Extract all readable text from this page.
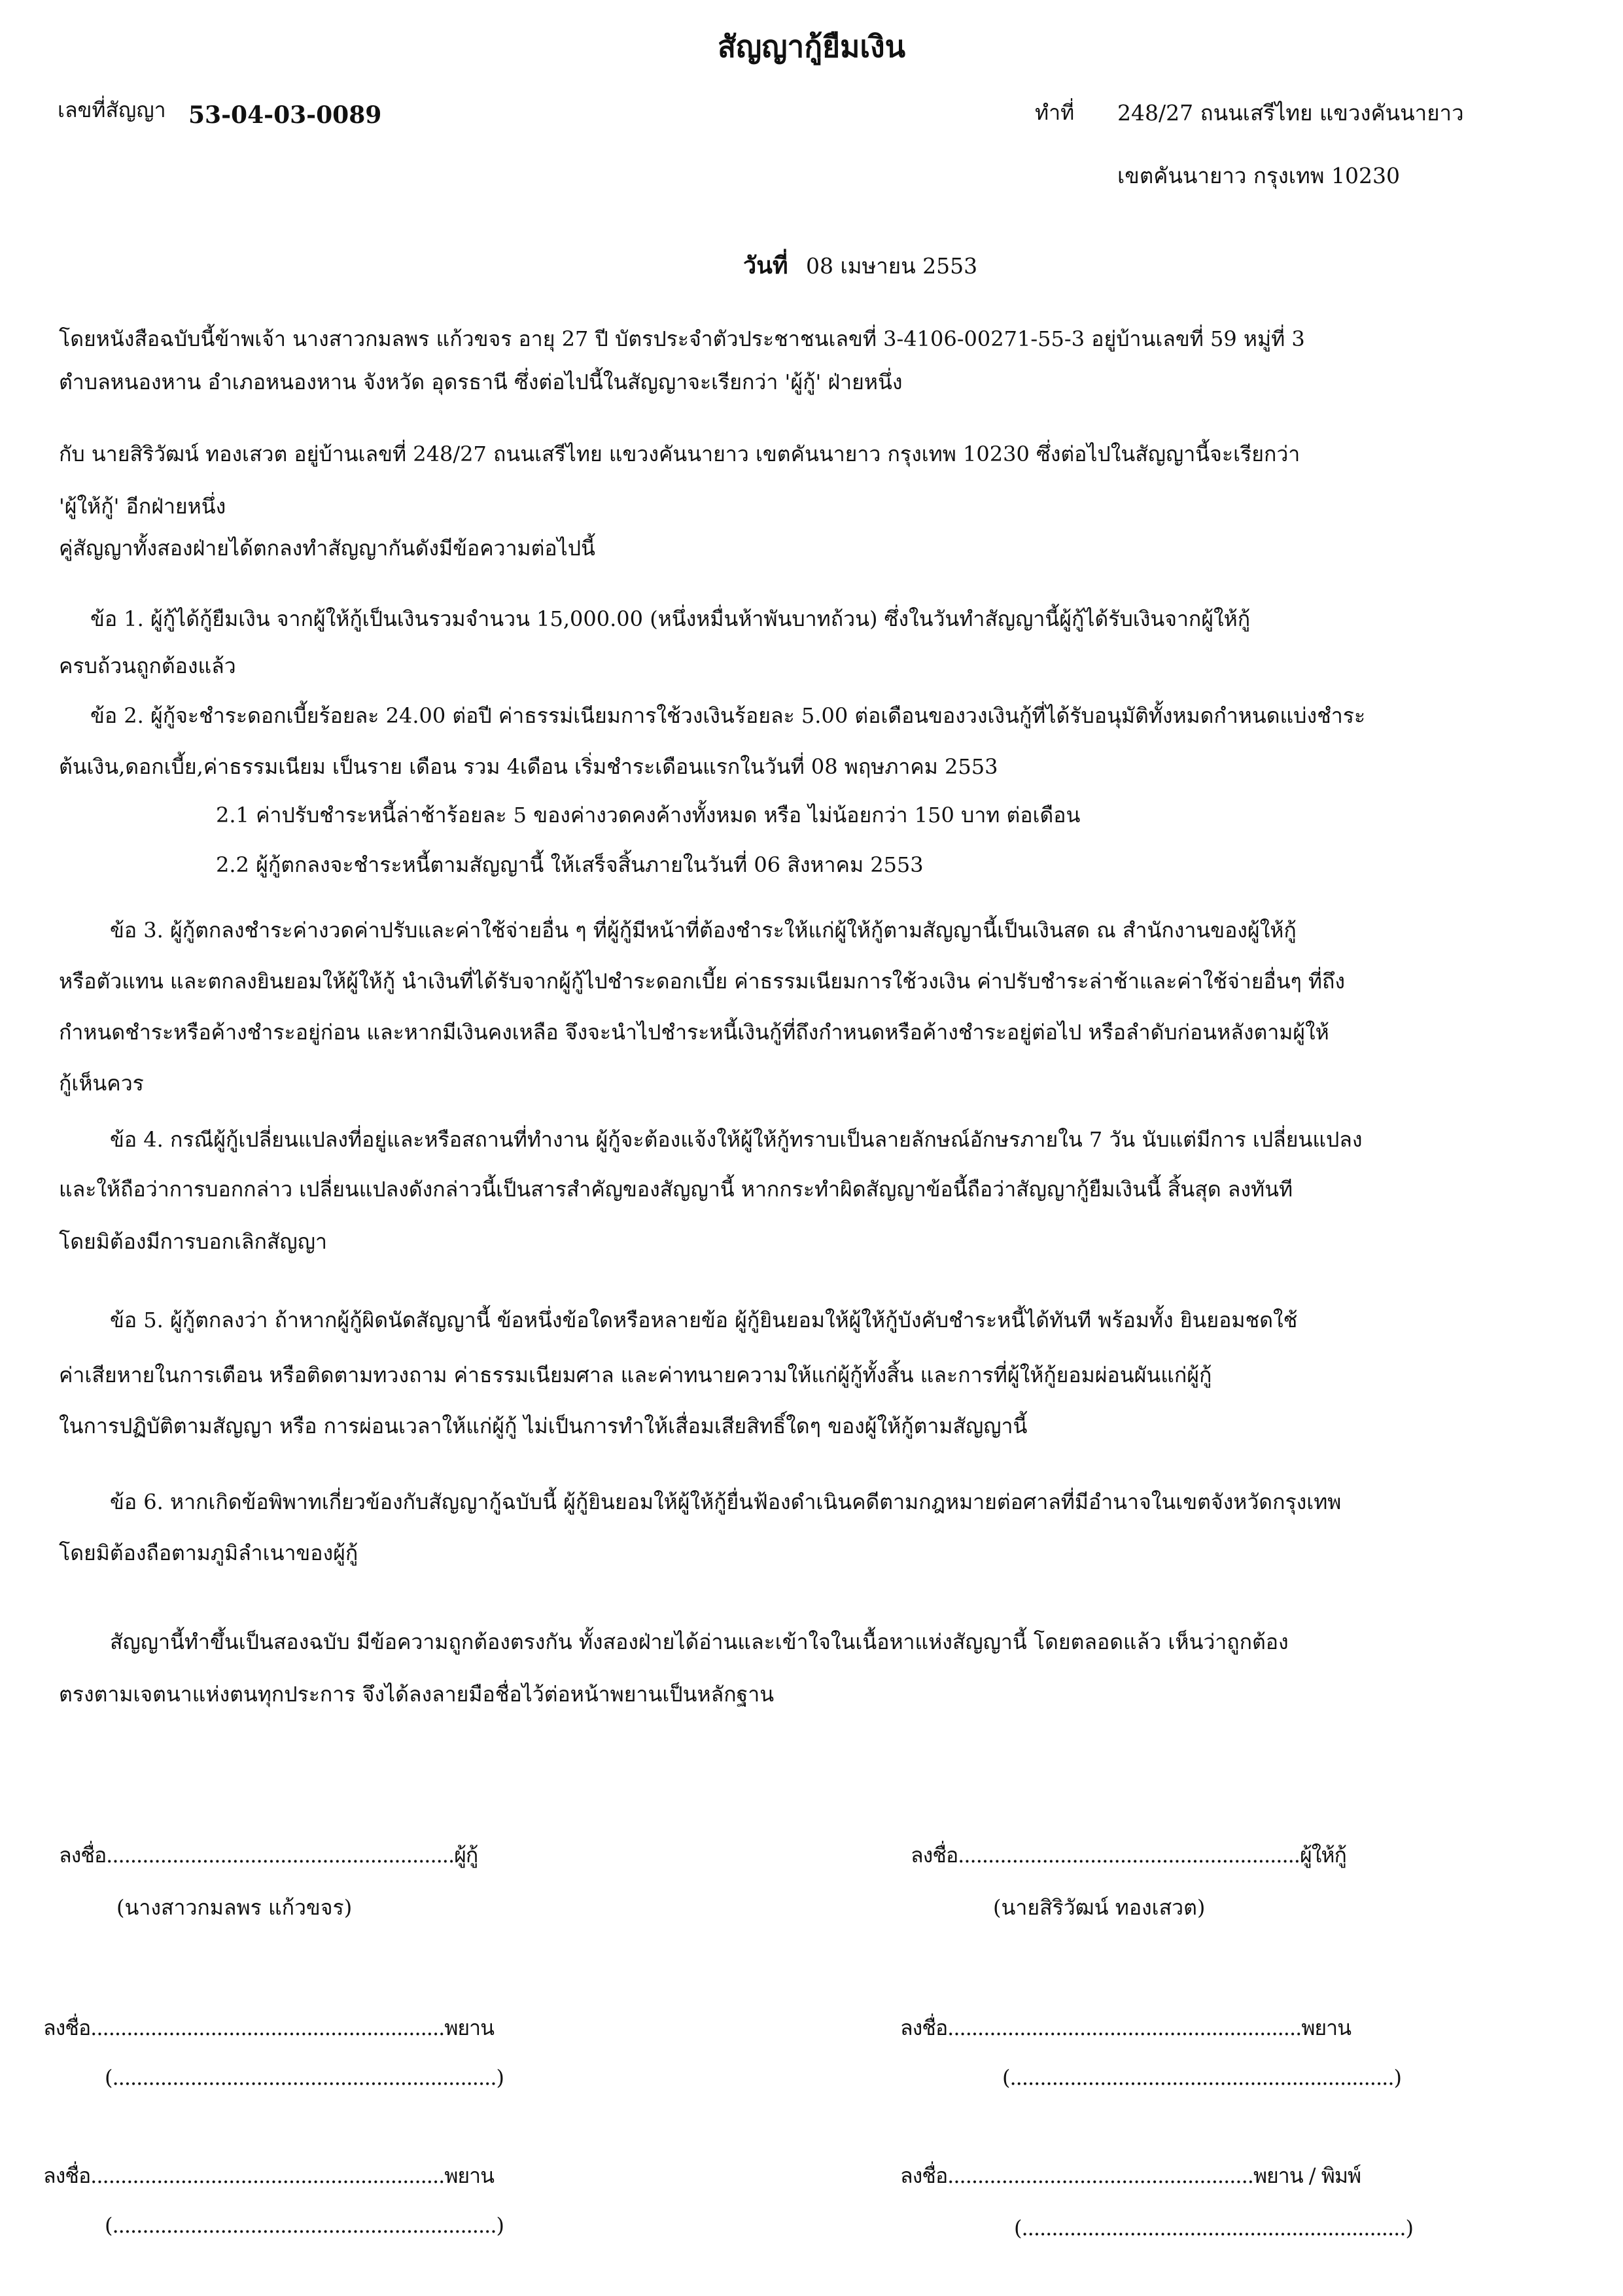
สัญญากู้ยืมเงิน
เลขที่สัญญา 53-04-03-0089	ทำที่ 248/27 ถนนเสรีไทย แขวงคันนายาว
เขตคันนายาว กรุงเทพ 10230
วันที่ 08 เมษายน 2553
โดยหนังสือฉบับนี้ข้าพเจ้า นางสาวกมลพร แก้วขจร อายุ 27 ปี บัตรประจำตัวประชาชนเลขที่ 3-4106-00271-55-3 อยู่บ้านเลขที่ 59 หมู่ที่ 3
ตำบลหนองหาน อำเภอหนองหาน จังหวัด อุดรธานี ซึ่งต่อไปนี้ในสัญญาจะเรียกว่า 'ผู้กู้' ฝ่ายหนึ่ง
กับ นายสิริวัฒน์ ทองเสวต อยู่บ้านเลขที่ 248/27 ถนนเสรีไทย แขวงคันนายาว เขตคันนายาว กรุงเทพ 10230 ซึ่งต่อไปในสัญญานี้จะเรียกว่า
'ผู้ให้กู้' อีกฝ่ายหนึ่ง
คู่สัญญาทั้งสองฝ่ายได้ตกลงทำสัญญากันดังมีข้อความต่อไปนี้
ข้อ 1. ผู้กู้ได้กู้ยืมเงิน จากผู้ให้กู้เป็นเงินรวมจำนวน 15,000.00 (หนึ่งหมื่นห้าพันบาทถ้วน) ซึ่งในวันทำสัญญานี้ผู้กู้ได้รับเงินจากผู้ให้กู้
ครบถ้วนถูกต้องแล้ว
ข้อ 2. ผู้กู้จะชำระดอกเบี้ยร้อยละ 24.00 ต่อปี ค่าธรรม่เนียมการใช้วงเงินร้อยละ 5.00 ต่อเดือนของวงเงินกู้ที่ได้รับอนุมัติทั้งหมดกำหนดแบ่งชำระ
ต้นเงิน,ดอกเบี้ย,ค่าธรรมเนียม เป็นราย เดือน รวม 4เดือน เริ่มชำระเดือนแรกในวันที่ 08 พฤษภาคม 2553
2.1 ค่าปรับชำระหนี้ล่าช้าร้อยละ 5 ของค่างวดคงค้างทั้งหมด หรือ ไม่น้อยกว่า 150 บาท ต่อเดือน
2.2 ผู้กู้ตกลงจะชำระหนี้ตามสัญญานี้ ให้เสร็จสิ้นภายในวันที่ 06 สิงหาคม 2553
ข้อ 3. ผู้กู้ตกลงชำระค่างวดค่าปรับและค่าใช้จ่ายอื่น ๆ ที่ผู้กู้มีหน้าที่ต้องชำระให้แก่ผู้ให้กู้ตามสัญญานี้เป็นเงินสด ณ สำนักงานของผู้ให้กู้
หรือตัวแทน และตกลงยินยอมให้ผู้ให้กู้ นำเงินที่ได้รับจากผู้กู้ไปชำระดอกเบี้ย ค่าธรรมเนียมการใช้วงเงิน ค่าปรับชำระล่าช้าและค่าใช้จ่ายอื่นๆ ที่ถึง
กำหนดชำระหรือค้างชำระอยู่ก่อน และหากมีเงินคงเหลือ จึงจะนำไปชำระหนี้เงินกู้ที่ถึงกำหนดหรือค้างชำระอยู่ต่อไป หรือลำดับก่อนหลังตามผู้ให้
กู้เห็นควร
ข้อ 4. กรณีผู้กู้เปลี่ยนแปลงที่อยู่และหรือสถานที่ทำงาน ผู้กู้จะต้องแจ้งให้ผู้ให้กู้ทราบเป็นลายลักษณ์อักษรภายใน 7 วัน นับแต่มีการ เปลี่ยนแปลง
และให้ถือว่าการบอกกล่าว เปลี่ยนแปลงดังกล่าวนี้เป็นสารสำคัญของสัญญานี้ หากกระทำผิดสัญญาข้อนี้ถือว่าสัญญากู้ยืมเงินนี้ สิ้นสุด ลงทันที
โดยมิต้องมีการบอกเลิกสัญญา
ข้อ 5. ผู้กู้ตกลงว่า ถ้าหากผู้กู้ผิดนัดสัญญานี้ ข้อหนึ่งข้อใดหรือหลายข้อ ผู้กู้ยินยอมให้ผู้ให้กู้บังคับชำระหนี้ได้ทันที พร้อมทั้ง ยินยอมชดใช้
ค่าเสียหายในการเตือน หรือติดตามทวงถาม ค่าธรรมเนียมศาล และค่าทนายความให้แก่ผู้กู้ทั้งสิ้น และการที่ผู้ให้กู้ยอมผ่อนผันแก่ผู้กู้
ในการปฏิบัติตามสัญญา หรือ การผ่อนเวลาให้แก่ผู้กู้ ไม่เป็นการทำให้เสื่อมเสียสิทธิ์ใดๆ ของผู้ให้กู้ตามสัญญานี้
ข้อ 6. หากเกิดข้อพิพาทเกี่ยวข้องกับสัญญากู้ฉบับนี้ ผู้กู้ยินยอมให้ผู้ให้กู้ยื่นฟ้องดำเนินคดีตามกฎหมายต่อศาลที่มีอำนาจในเขตจังหวัดกรุงเทพ
โดยมิต้องถือตามภูมิลำเนาของผู้กู้
สัญญานี้ทำขึ้นเป็นสองฉบับ มีข้อความถูกต้องตรงกัน ทั้งสองฝ่ายได้อ่านและเข้าใจในเนื้อหาแห่งสัญญานี้ โดยตลอดแล้ว เห็นว่าถูกต้อง
ตรงตามเจตนาแห่งตนทุกประการ จึงได้ลงลายมือชื่อไว้ต่อหน้าพยานเป็นหลักฐาน
ลงชื่อ..........................................................ผู้กู้
(นางสาวกมลพร แก้วขจร)
ลงชื่อ.........................................................ผู้ให้กู้
(นายสิริวัฒน์ ทองเสวต)
ลงชื่อ...........................................................พยาน
(................................................................)
ลงชื่อ...........................................................พยาน
(................................................................)
ลงชื่อ...........................................................พยาน
(................................................................)
ลงชื่อ...................................................พยาน / พิมพ์
(................................................................)
